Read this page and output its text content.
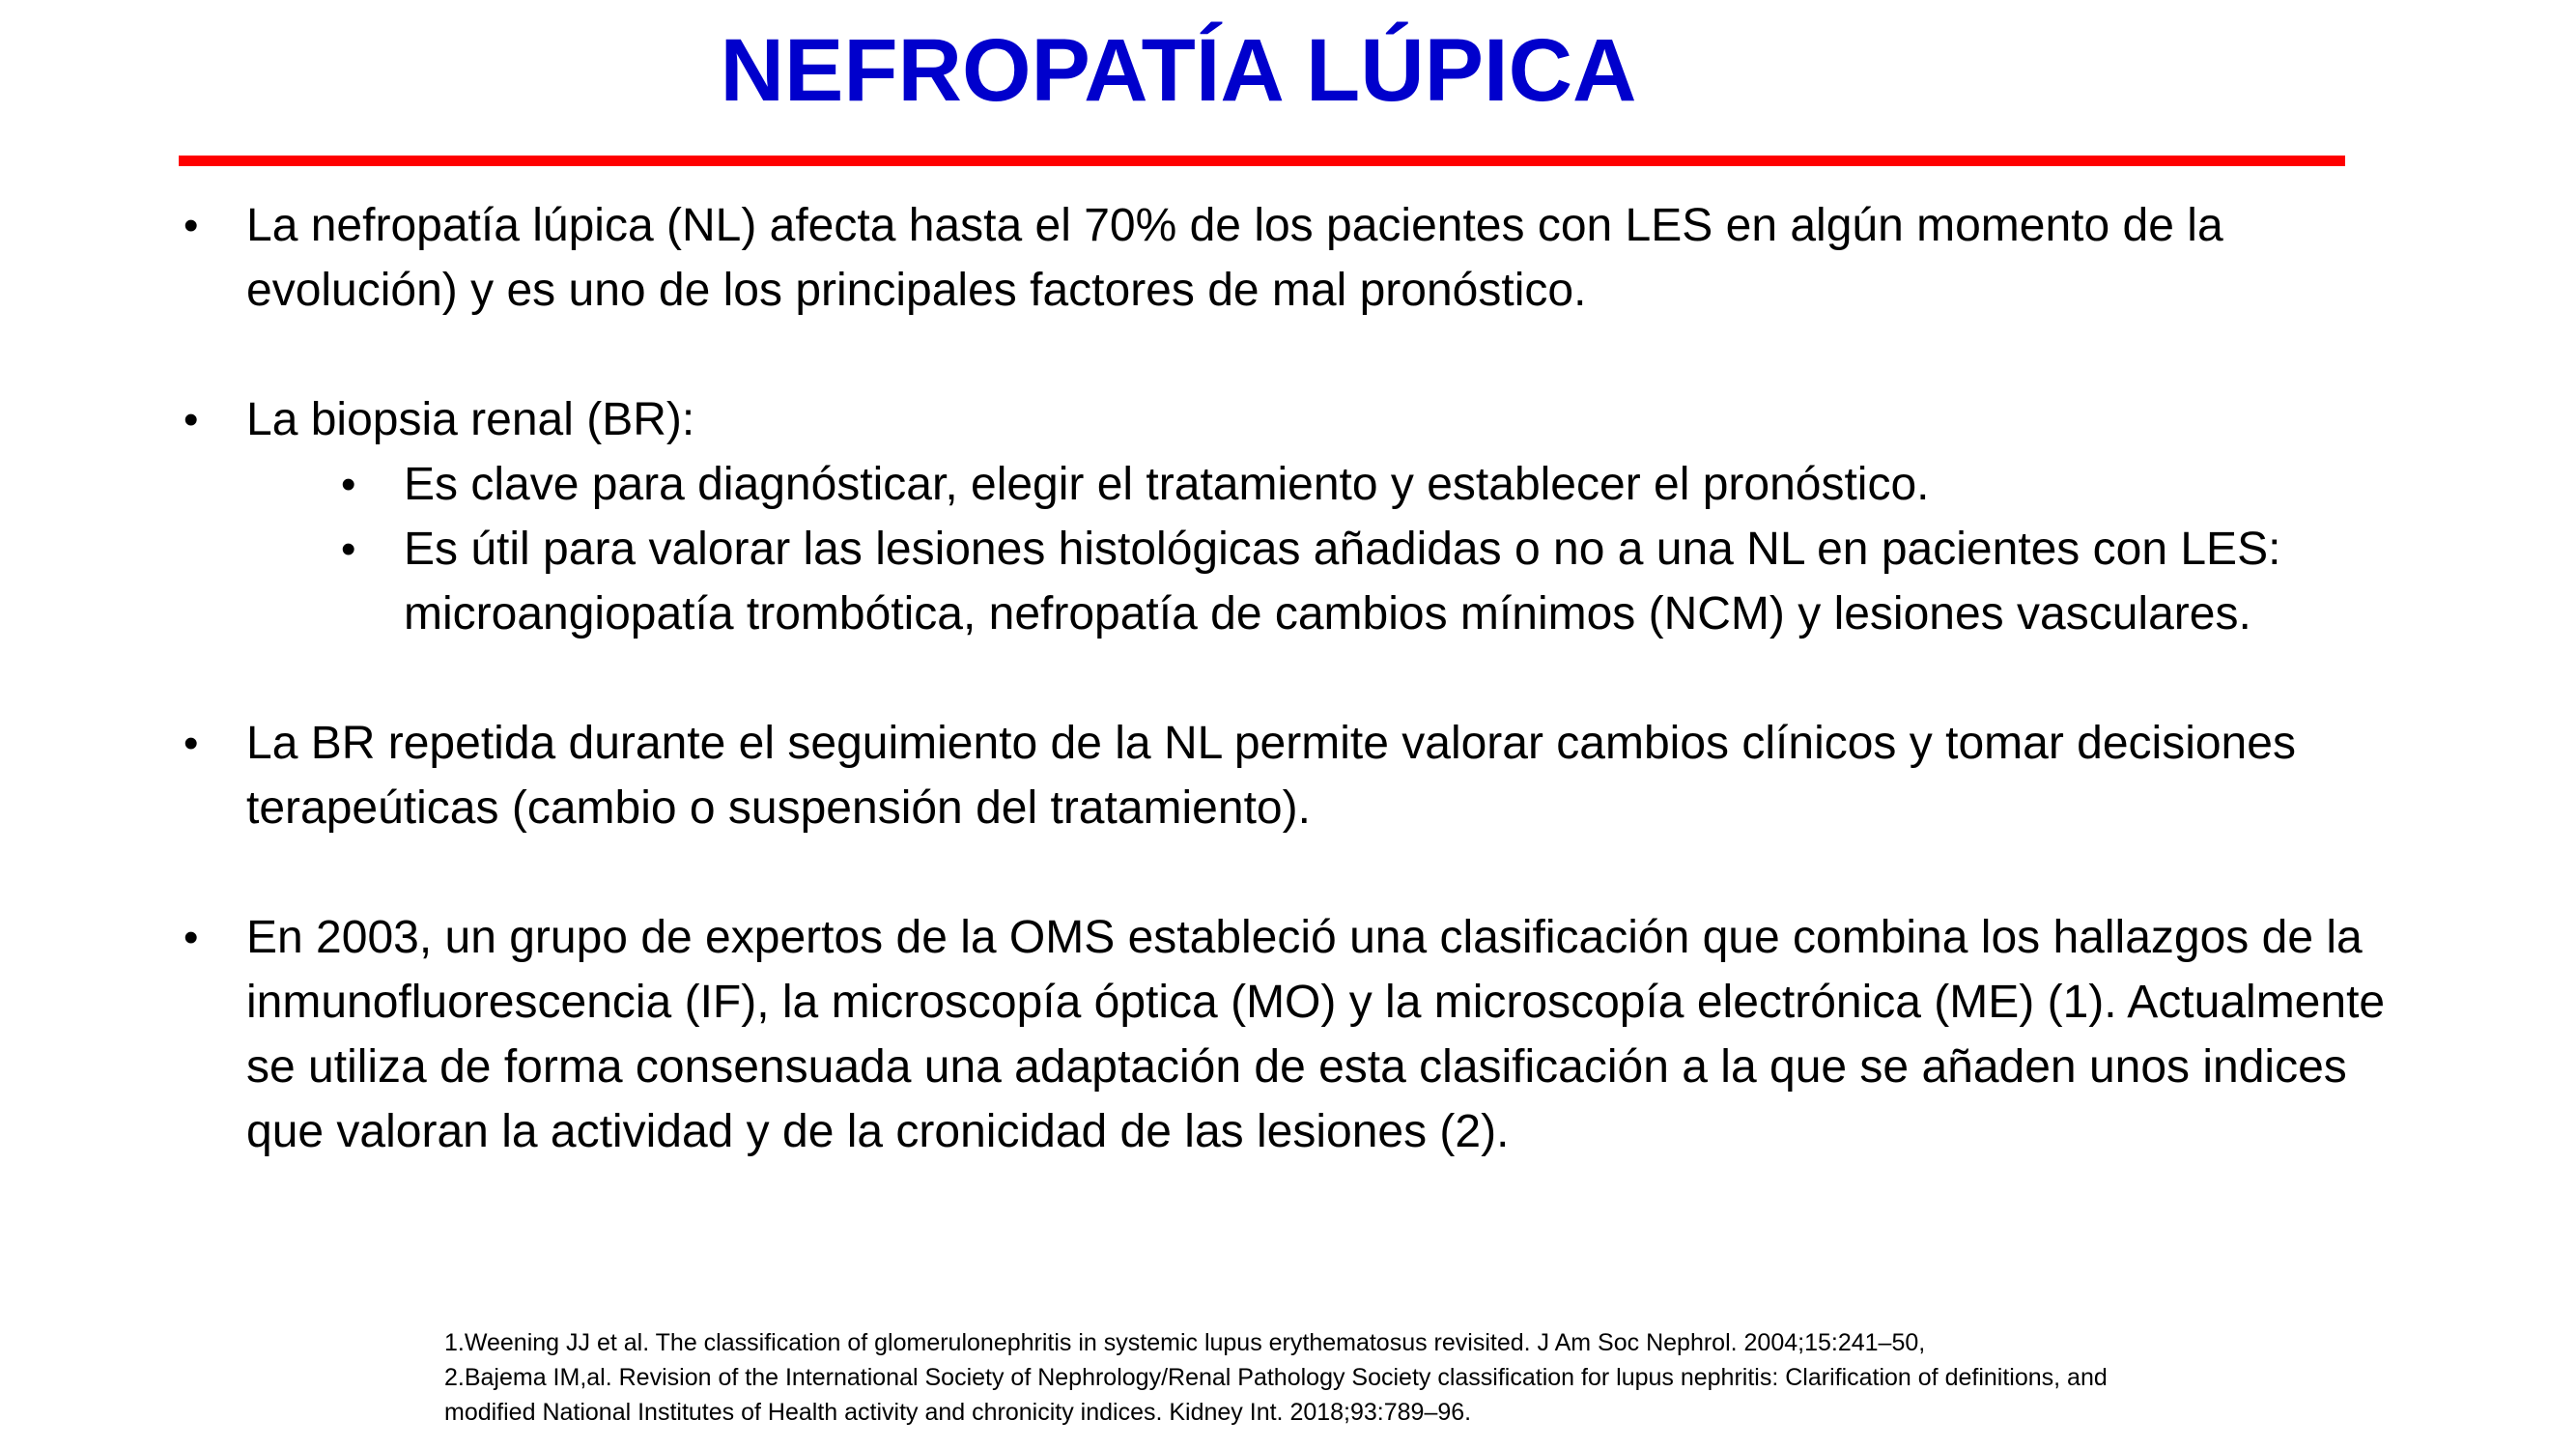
NEFROPATÍA LÚPICA
•	La nefropatía lúpica (NL) afecta hasta el 70% de los pacientes con LES en algún momento de la evolución) y es uno de los principales factores de mal pronóstico.
•	La biopsia renal (BR):
•	Es clave para diagnósticar, elegir el tratamiento y establecer el pronóstico.
•	Es útil para valorar las lesiones histológicas añadidas o no a una NL en pacientes con LES: microangiopatía trombótica, nefropatía de cambios mínimos (NCM) y lesiones vasculares.
•	La BR repetida durante el seguimiento de la NL permite valorar cambios clínicos y tomar decisiones terapeúticas (cambio o suspensión del tratamiento).
•	En 2003, un grupo de expertos de la OMS estableció una clasificación que combina los hallazgos de la inmunofluorescencia (IF), la microscopía óptica (MO) y la microscopía electrónica (ME) (1). Actualmente se utiliza de forma consensuada una adaptación de esta clasificación a la que se añaden unos indices que valoran la actividad y de la cronicidad de las lesiones (2).
1.Weening JJ et al. The classification of glomerulonephritis in systemic lupus erythematosus revisited. J Am Soc Nephrol. 2004;15:241–50,
2.Bajema IM,al. Revision of the International Society of Nephrology/Renal Pathology Society classification for lupus nephritis: Clarification of definitions, and
modified National Institutes of Health activity and chronicity indices. Kidney Int. 2018;93:789–96.
